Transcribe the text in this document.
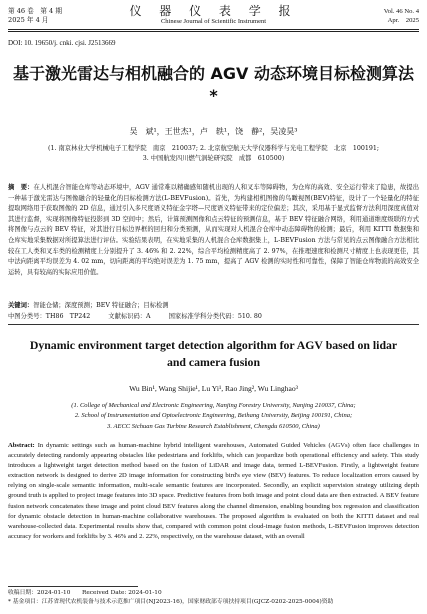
第 46 卷　第 4 期
2025 年 4 月
仪 器 仪 表 学 报
Chinese Journal of Scientific Instrument
Vol. 46 No. 4
Apr.　2025
DOI: 10. 19650/j. cnki. cjsi. J2513669
基于激光雷达与相机融合的 AGV 动态环境目标检测算法*
吴　斌¹，王世杰¹，卢　轶¹，饶　静²，吴凌昊³
(1. 南京林业大学机械电子工程学院　南京　210037; 2. 北京航空航天大学仪器科学与光电工程学院　北京　100191;
3. 中国航发四川燃气涡轮研究院　成都　610500)
摘　要：在人机混合智能仓库等动态环境中，AGV 通常难以精确感知随机出现的人和叉车等障碍物，为仓库的高效、安全运行带来了隐患，故提出一种基于激光雷达与图像融合的轻量化的目标检测方法(L-BEVFusion)。首先，为构建相机图像的鸟瞰视图(BEV)特征，设计了一个轻量化的特征提取网络用于获取图像的 2D 信息，通过引入多尺度语义特征金字塔—尺度语义特征带来的定位偏差；其次，采用基于显式监督方法利用深度真值对其进行监督，实现将图像特征投影到 3D 空间中；然后，计算预测图像和点云特征的预测信息，基于 BEV 特征融合网络，利用通道维度级联的方式将图像与点云的 BEV 特征，对其进行目标边界框的回归和分类预测，从而实现对人机混合仓库中动态障碍物的检测；最后，利用 KITTI 数据集和仓库实地采集数据对所提算法进行评估。实验结果表明，在实地采集的人机混合仓库数据集上，L-BEVFusion 方法与常见的点云图像融合方法相比较在工人类和叉车类的检测精度上分别提升了 3. 46% 和 2. 22%，综合平均检测精度高了 2. 97%，在推理速度和检测尺寸精度上也表现更佳，其中法向距离平均误差为 4. 02 mm，切向距离的平均绝对误差为 1. 75 mm，提高了 AGV 检测的实时性和可靠性，保障了智能仓库物流的高效安全运转，具有较高的实际应用价值。
关键词：智能仓储；深度预测；BEV 特征融合；目标检测
中图分类号：TH86　TP242	文献标识码：A	国家标准学科分类代码：510. 80
Dynamic environment target detection algorithm for AGV based on lidar and camera fusion
Wu Bin¹, Wang Shijie¹, Lu Yi¹, Rao Jing², Wu Linghao³
(1. College of Mechanical and Electronic Engineering, Nanjing Forestry University, Nanjing 210037, China;
2. School of Instrumentation and Optoelectronic Engineering, Beihang University, Beijing 100191, China;
3. AECC Sichuan Gas Turbine Research Establishment, Chengdu 610500, China)
Abstract: In dynamic settings such as human-machine hybrid intelligent warehouses, Automated Guided Vehicles (AGVs) often face challenges in accurately detecting randomly appearing obstacles like pedestrians and forklifts, which can jeopardize both operational efficiency and safety. This study introduces a lightweight target detection method based on the fusion of LiDAR and image data, termed L-BEVFusion. Firstly, a lightweight feature extraction network is designed to derive 2D image information for constructing bird's eye view (BEV) features. To reduce localization errors caused by relying on single-scale semantic information, multi-scale semantic features are incorporated. Secondly, an explicit supervision strategy utilizing depth ground truth is applied to project image features into 3D space. Predictive features from both image and point cloud data are then extracted. A BEV feature fusion network concatenates these image and point cloud BEV features along the channel dimension, enabling bounding box regression and classification for dynamic obstacle detection in human-machine collaborative warehouses. The proposed algorithm is evaluated on both the KITTI dataset and real warehouse-collected data. Experimental results show that, compared with common point cloud-image fusion methods, L-BEVFusion improves detection accuracy for workers and forklifts by 3. 46% and 2. 22%, respectively, on the warehouse dataset, with an overall
收稿日期：2024-01-10　　Received Date: 2024-01-10
* 基金项目：江苏省现代农机装备与技术示范推广项目(NJ2023-16)，国家财政部专项扶持项目(GJCZ-0202-2025-0004)资助
